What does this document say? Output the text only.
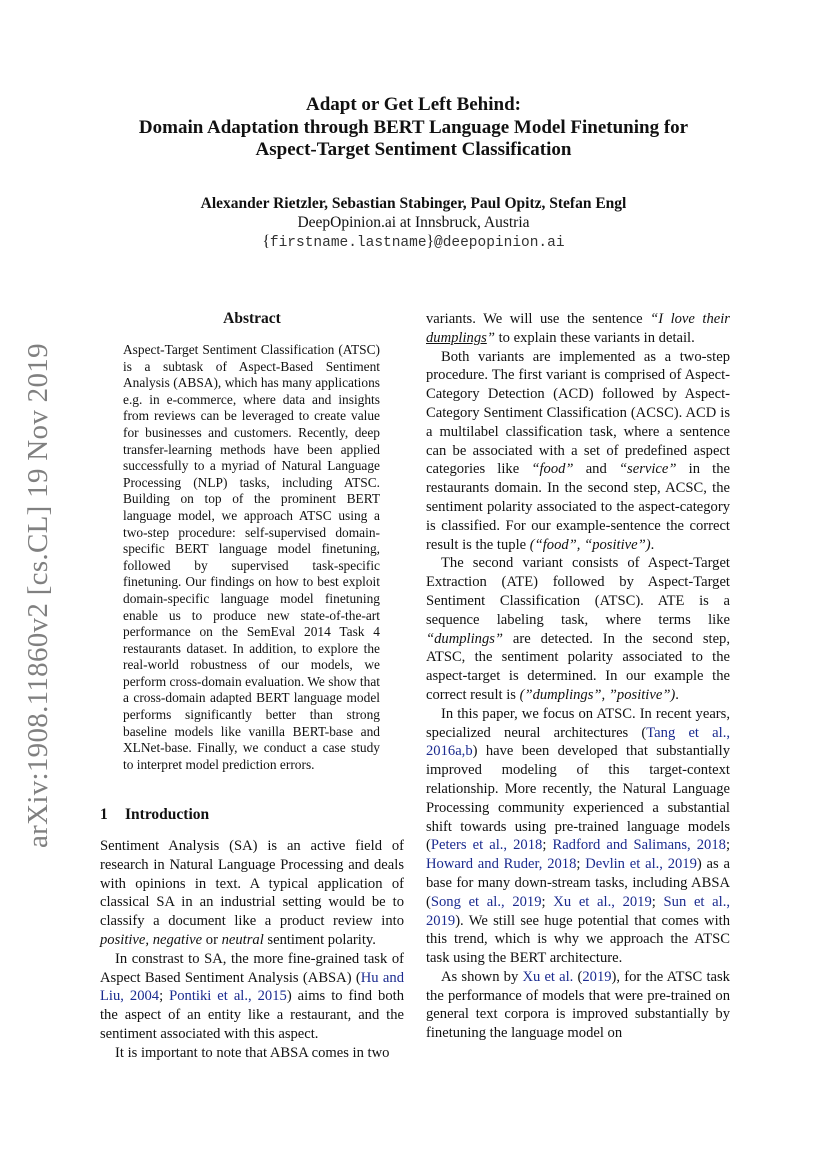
arXiv:1908.11860v2 [cs.CL] 19 Nov 2019
Adapt or Get Left Behind:
Domain Adaptation through BERT Language Model Finetuning for
Aspect-Target Sentiment Classification
Alexander Rietzler, Sebastian Stabinger, Paul Opitz, Stefan Engl
DeepOpinion.ai at Innsbruck, Austria
{firstname.lastname}@deepopinion.ai
Abstract
Aspect-Target Sentiment Classification (ATSC) is a subtask of Aspect-Based Sentiment Analysis (ABSA), which has many applications e.g. in e-commerce, where data and insights from reviews can be leveraged to create value for businesses and customers. Recently, deep transfer-learning methods have been applied successfully to a myriad of Natural Language Processing (NLP) tasks, including ATSC. Building on top of the prominent BERT language model, we approach ATSC using a two-step procedure: self-supervised domain-specific BERT language model finetuning, followed by supervised task-specific finetuning. Our findings on how to best exploit domain-specific language model finetuning enable us to produce new state-of-the-art performance on the SemEval 2014 Task 4 restaurants dataset. In addition, to explore the real-world robustness of our models, we perform cross-domain evaluation. We show that a cross-domain adapted BERT language model performs significantly better than strong baseline models like vanilla BERT-base and XLNet-base. Finally, we conduct a case study to interpret model prediction errors.
1 Introduction

Sentiment Analysis (SA) is an active field of research in Natural Language Processing and deals with opinions in text. A typical application of classical SA in an industrial setting would be to classify a document like a product review into positive, negative or neutral sentiment polarity.

In constrast to SA, the more fine-grained task of Aspect Based Sentiment Analysis (ABSA) (Hu and Liu, 2004; Pontiki et al., 2015) aims to find both the aspect of an entity like a restaurant, and the sentiment associated with this aspect.

It is important to note that ABSA comes in two

variants. We will use the sentence “I love their dumplings” to explain these variants in detail.

Both variants are implemented as a two-step procedure. The first variant is comprised of Aspect-Category Detection (ACD) followed by Aspect-Category Sentiment Classification (ACSC). ACD is a multilabel classification task, where a sentence can be associated with a set of predefined aspect categories like “food” and “service” in the restaurants domain. In the second step, ACSC, the sentiment polarity associated to the aspect-category is classified. For our example-sentence the correct result is the tuple (“food”, “positive”).

The second variant consists of Aspect-Target Extraction (ATE) followed by Aspect-Target Sentiment Classification (ATSC). ATE is a sequence labeling task, where terms like “dumplings” are detected. In the second step, ATSC, the sentiment polarity associated to the aspect-target is determined. In our example the correct result is (”dumplings”, ”positive”).

In this paper, we focus on ATSC. In recent years, specialized neural architectures (Tang et al., 2016a,b) have been developed that substantially improved modeling of this target-context relationship. More recently, the Natural Language Processing community experienced a substantial shift towards using pre-trained language models (Peters et al., 2018; Radford and Salimans, 2018; Howard and Ruder, 2018; Devlin et al., 2019) as a base for many down-stream tasks, including ABSA (Song et al., 2019; Xu et al., 2019; Sun et al., 2019). We still see huge potential that comes with this trend, which is why we approach the ATSC task using the BERT architecture.

As shown by Xu et al. (2019), for the ATSC task the performance of models that were pre-trained on general text corpora is improved substantially by finetuning the language model on
